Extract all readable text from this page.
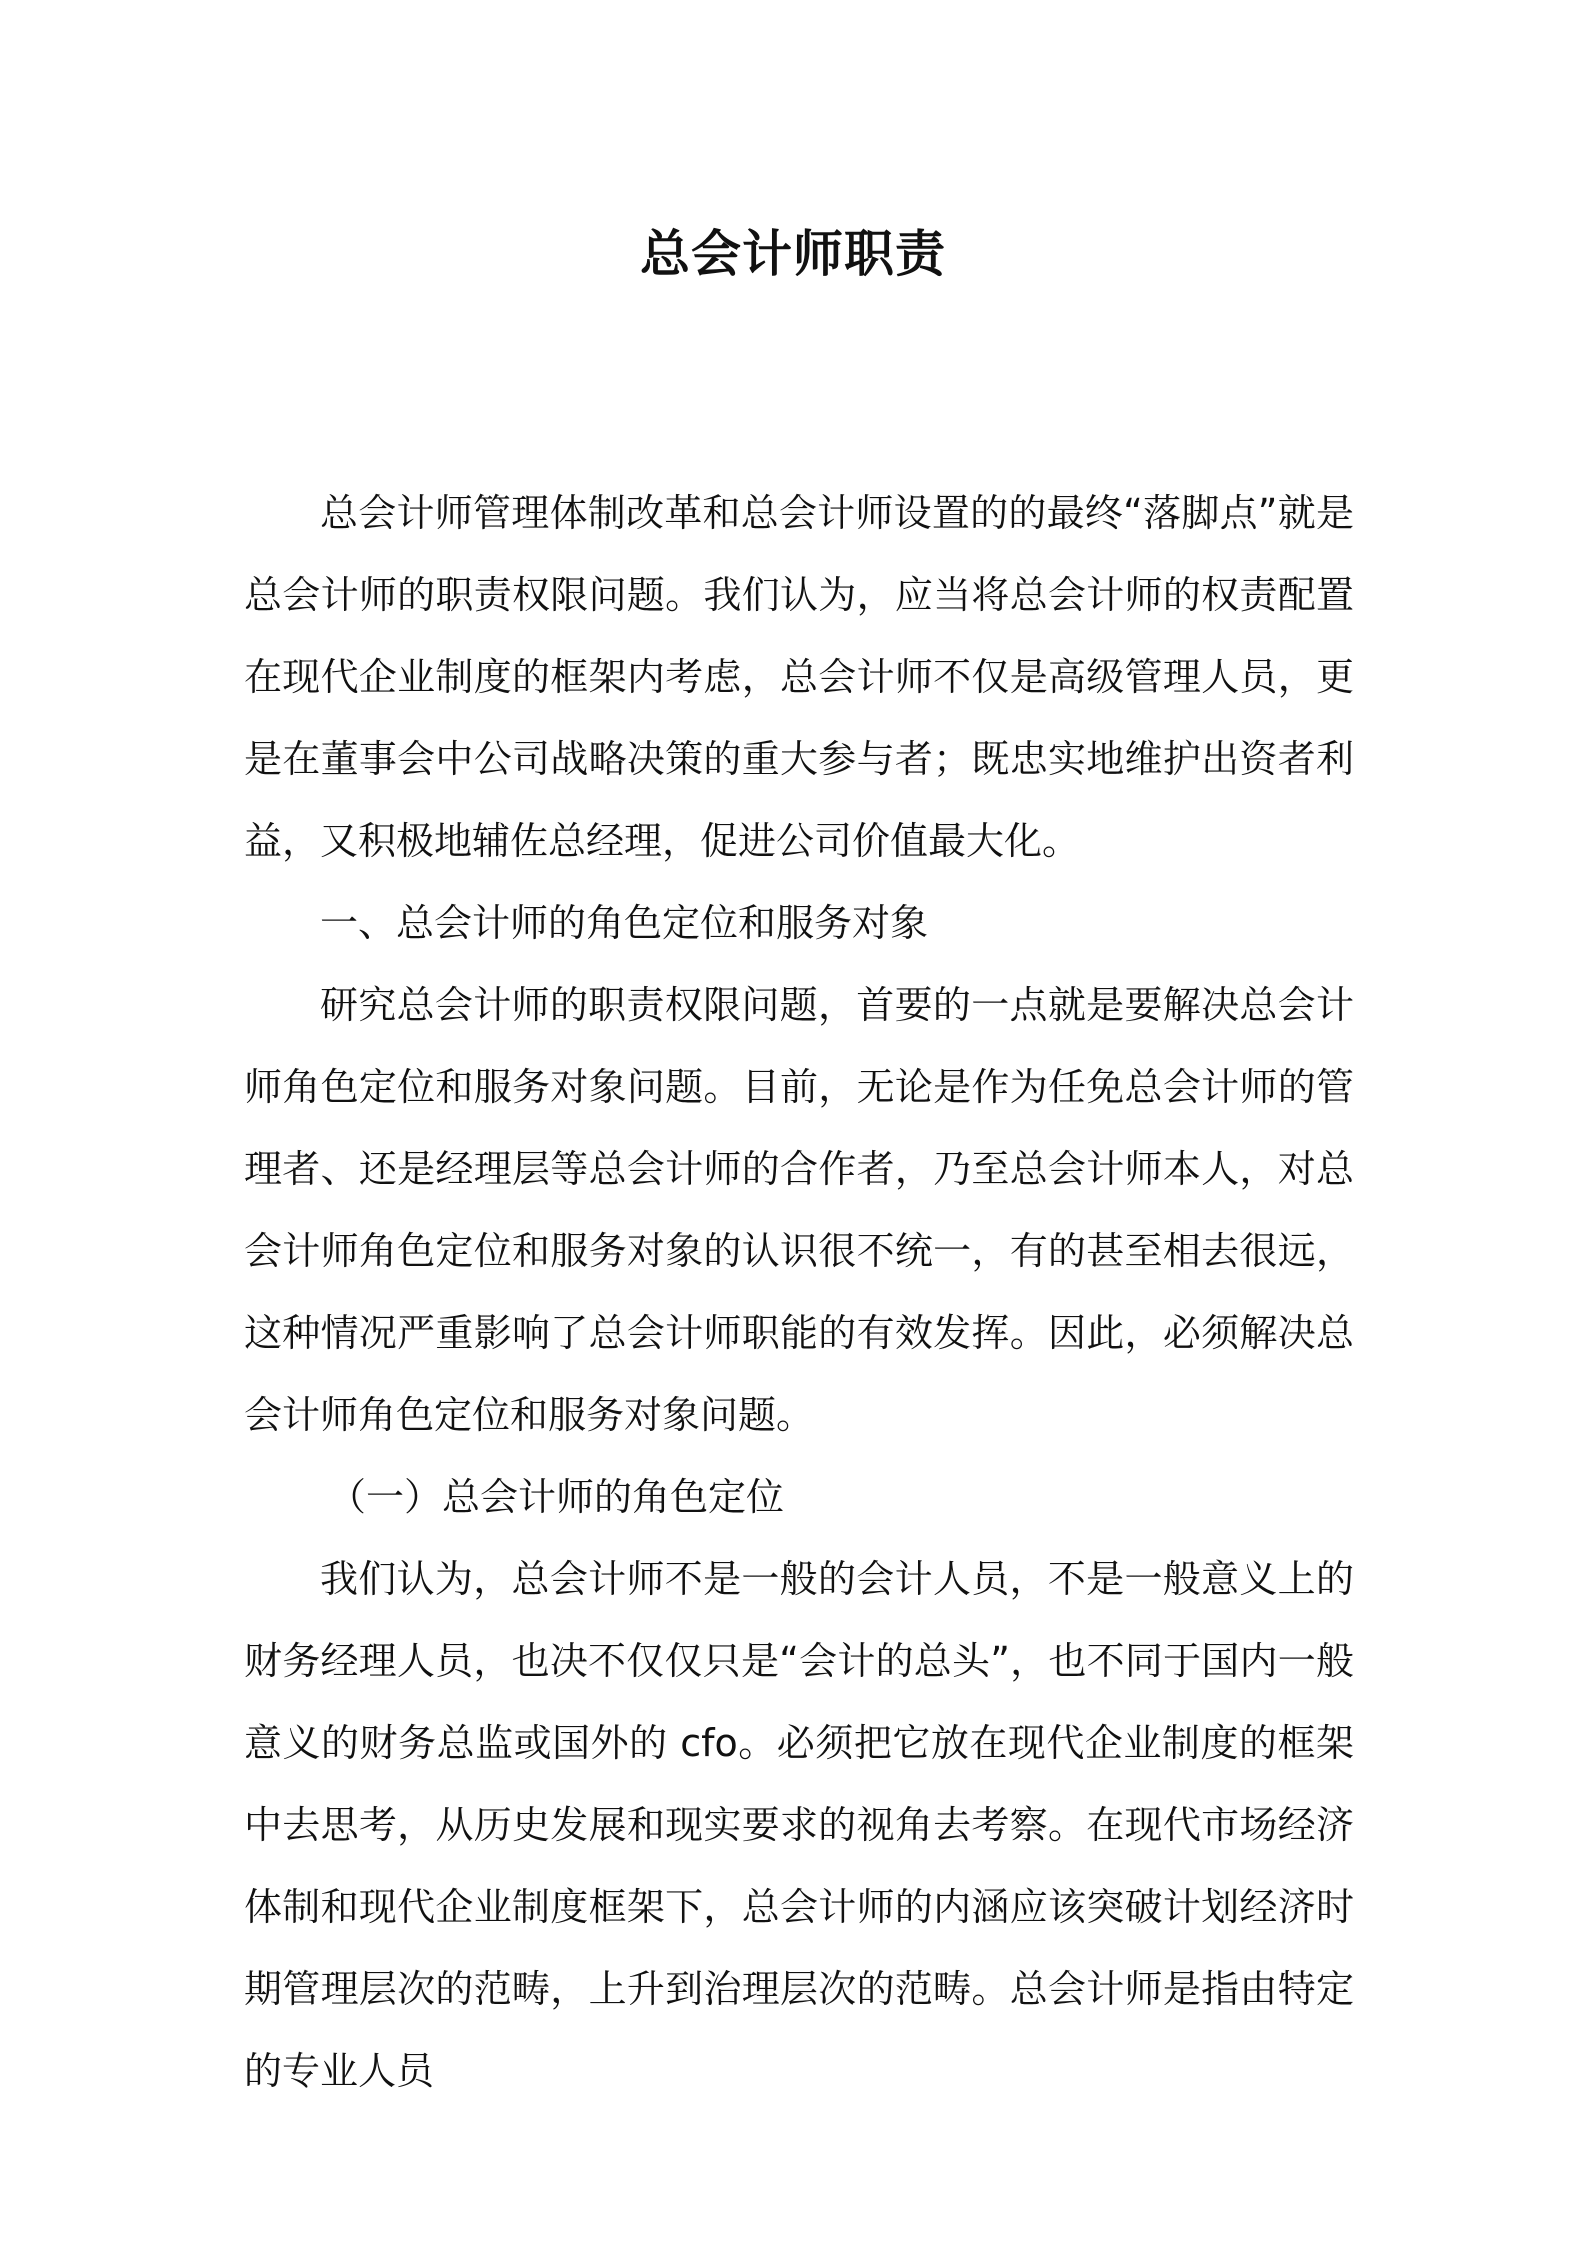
总会计师职责

总会计师管理体制改革和总会计师设置的的最终“落脚点”就是总会计师的职责权限问题。我们认为，应当将总会计师的权责配置在现代企业制度的框架内考虑，总会计师不仅是高级管理人员，更是在董事会中公司战略决策的重大参与者；既忠实地维护出资者利益，又积极地辅佐总经理，促进公司价值最大化。

一、总会计师的角色定位和服务对象

研究总会计师的职责权限问题，首要的一点就是要解决总会计师角色定位和服务对象问题。目前，无论是作为任免总会计师的管理者、还是经理层等总会计师的合作者，乃至总会计师本人，对总会计师角色定位和服务对象的认识很不统一，有的甚至相去很远，这种情况严重影响了总会计师职能的有效发挥。因此，必须解决总会计师角色定位和服务对象问题。

（一）总会计师的角色定位

我们认为，总会计师不是一般的会计人员，不是一般意义上的财务经理人员，也决不仅仅只是“会计的总头”，也不同于国内一般意义的财务总监或国外的 cfo。必须把它放在现代企业制度的框架中去思考，从历史发展和现实要求的视角去考察。在现代市场经济体制和现代企业制度框架下，总会计师的内涵应该突破计划经济时期管理层次的范畴，上升到治理层次的范畴。总会计师是指由特定的专业人员
